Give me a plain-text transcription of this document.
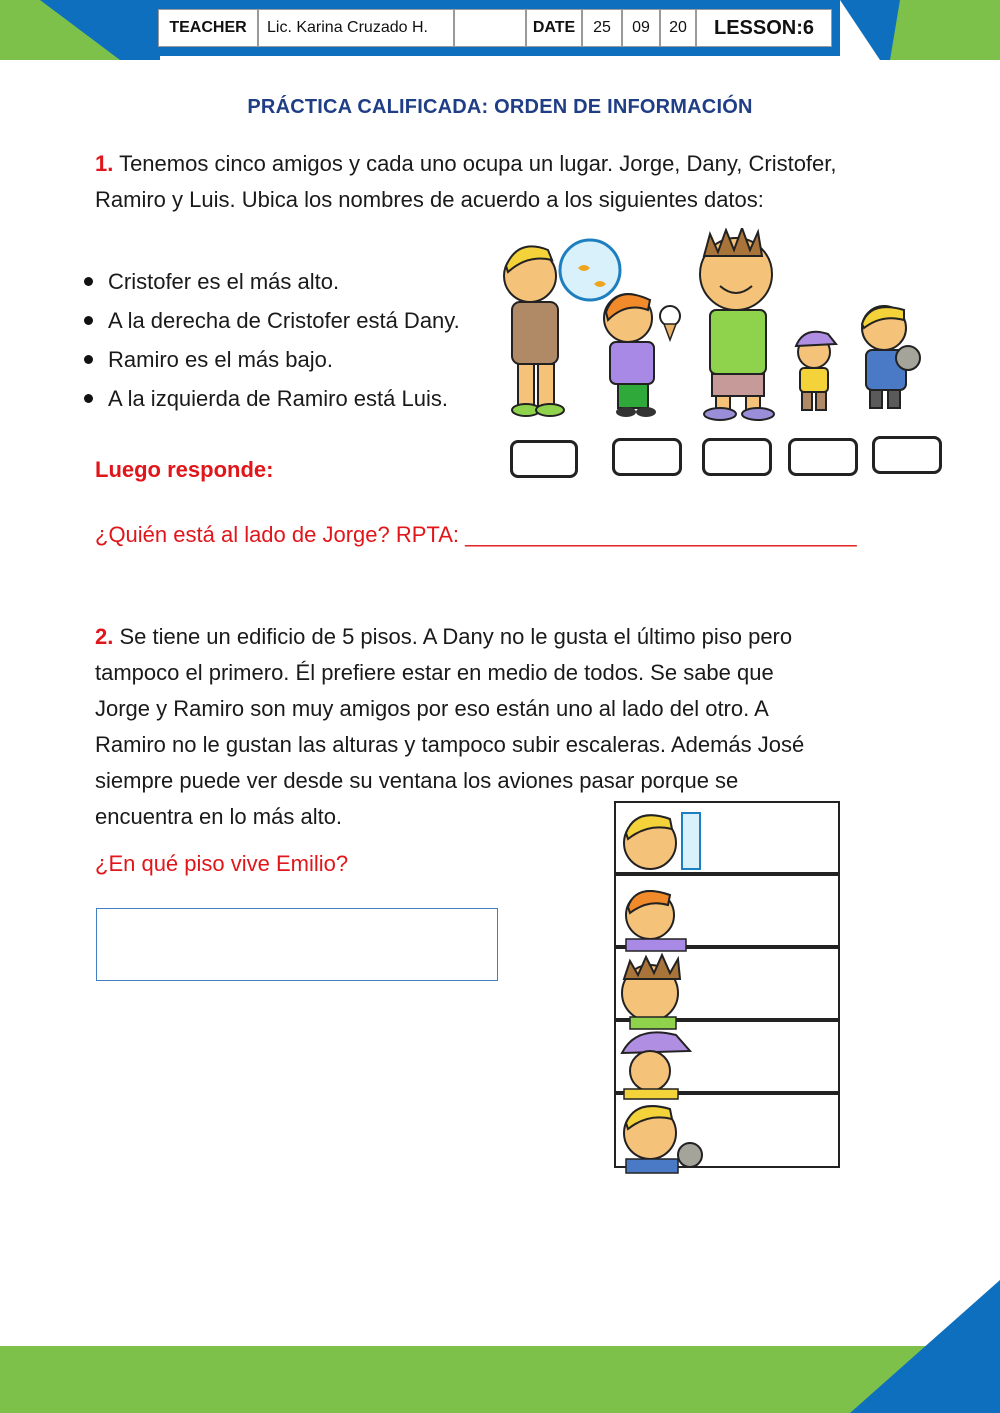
TEACHER	Lic. Karina Cruzado H.	DATE	25	09	20	LESSON:6
PRÁCTICA CALIFICADA: ORDEN DE INFORMACIÓN
1. Tenemos cinco amigos y cada uno ocupa un lugar. Jorge, Dany, Cristofer,
Ramiro y Luis. Ubica los nombres de acuerdo a los siguientes datos:
Cristofer es el más alto.
A la derecha de Cristofer está Dany.
Ramiro es el más bajo.
A la izquierda de Ramiro está Luis.
Luego responde:
¿Quién está al lado de Jorge? RPTA: ________________________________
2. Se tiene un edificio de 5 pisos. A Dany no le gusta el último piso pero
tampoco el primero. Él prefiere estar en medio de todos. Se sabe que
Jorge y Ramiro son muy amigos por eso están uno al lado del otro. A
Ramiro no le gustan las alturas y tampoco subir escaleras. Además José
siempre puede ver desde su ventana los aviones pasar porque se
encuentra en lo más alto.
¿En qué piso vive Emilio?
